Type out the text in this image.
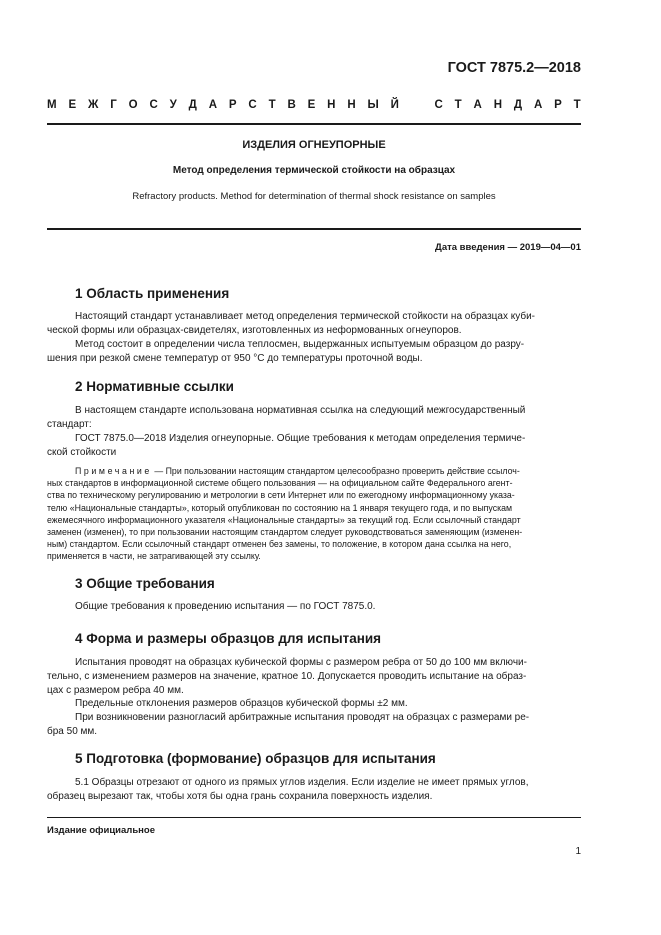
ГОСТ 7875.2—2018
М Е Ж Г О С У Д А Р С Т В Е Н Н Ы Й	С Т А Н Д А Р Т
ИЗДЕЛИЯ ОГНЕУПОРНЫЕ
Метод определения термической стойкости на образцах
Refractory products. Method for determination of thermal shock resistance on samples
Дата введения — 2019—04—01
1 Область применения

Настоящий стандарт устанавливает метод определения термической стойкости на образцах куби-
ческой формы или образцах-свидетелях, изготовленных из неформованных огнеупоров.

Метод состоит в определении числа теплосмен, выдержанных испытуемым образцом до разру-
шения при резкой смене температур от 950 °С до температуры проточной воды.

2 Нормативные ссылки

В настоящем стандарте использована нормативная ссылка на следующий межгосударственный
стандарт:

ГОСТ 7875.0—2018 Изделия огнеупорные. Общие требования к методам определения термиче-
ской стойкости

Примечание — При пользовании настоящим стандартом целесообразно проверить действие ссылоч-
ных стандартов в информационной системе общего пользования — на официальном сайте Федерального агент-
ства по техническому регулированию и метрологии в сети Интернет или по ежегодному информационному указа-
телю «Национальные стандарты», который опубликован по состоянию на 1 января текущего года, и по выпускам
ежемесячного информационного указателя «Национальные стандарты» за текущий год. Если ссылочный стандарт
заменен (изменен), то при пользовании настоящим стандартом следует руководствоваться заменяющим (изменен-
ным) стандартом. Если ссылочный стандарт отменен без замены, то положение, в котором дана ссылка на него,
применяется в части, не затрагивающей эту ссылку.

3 Общие требования

Общие требования к проведению испытания — по ГОСТ 7875.0.

4 Форма и размеры образцов для испытания

Испытания проводят на образцах кубической формы с размером ребра от 50 до 100 мм включи-
тельно, с изменением размеров на значение, кратное 10. Допускается проводить испытание на образ-
цах с размером ребра 40 мм.

Предельные отклонения размеров образцов кубической формы ±2 мм.

При возникновении разногласий арбитражные испытания проводят на образцах с размерами ре-
бра 50 мм.

5 Подготовка (формование) образцов для испытания

5.1 Образцы отрезают от одного из прямых углов изделия. Если изделие не имеет прямых углов,
образец вырезают так, чтобы хотя бы одна грань сохранила поверхность изделия.

Издание официальное
1
